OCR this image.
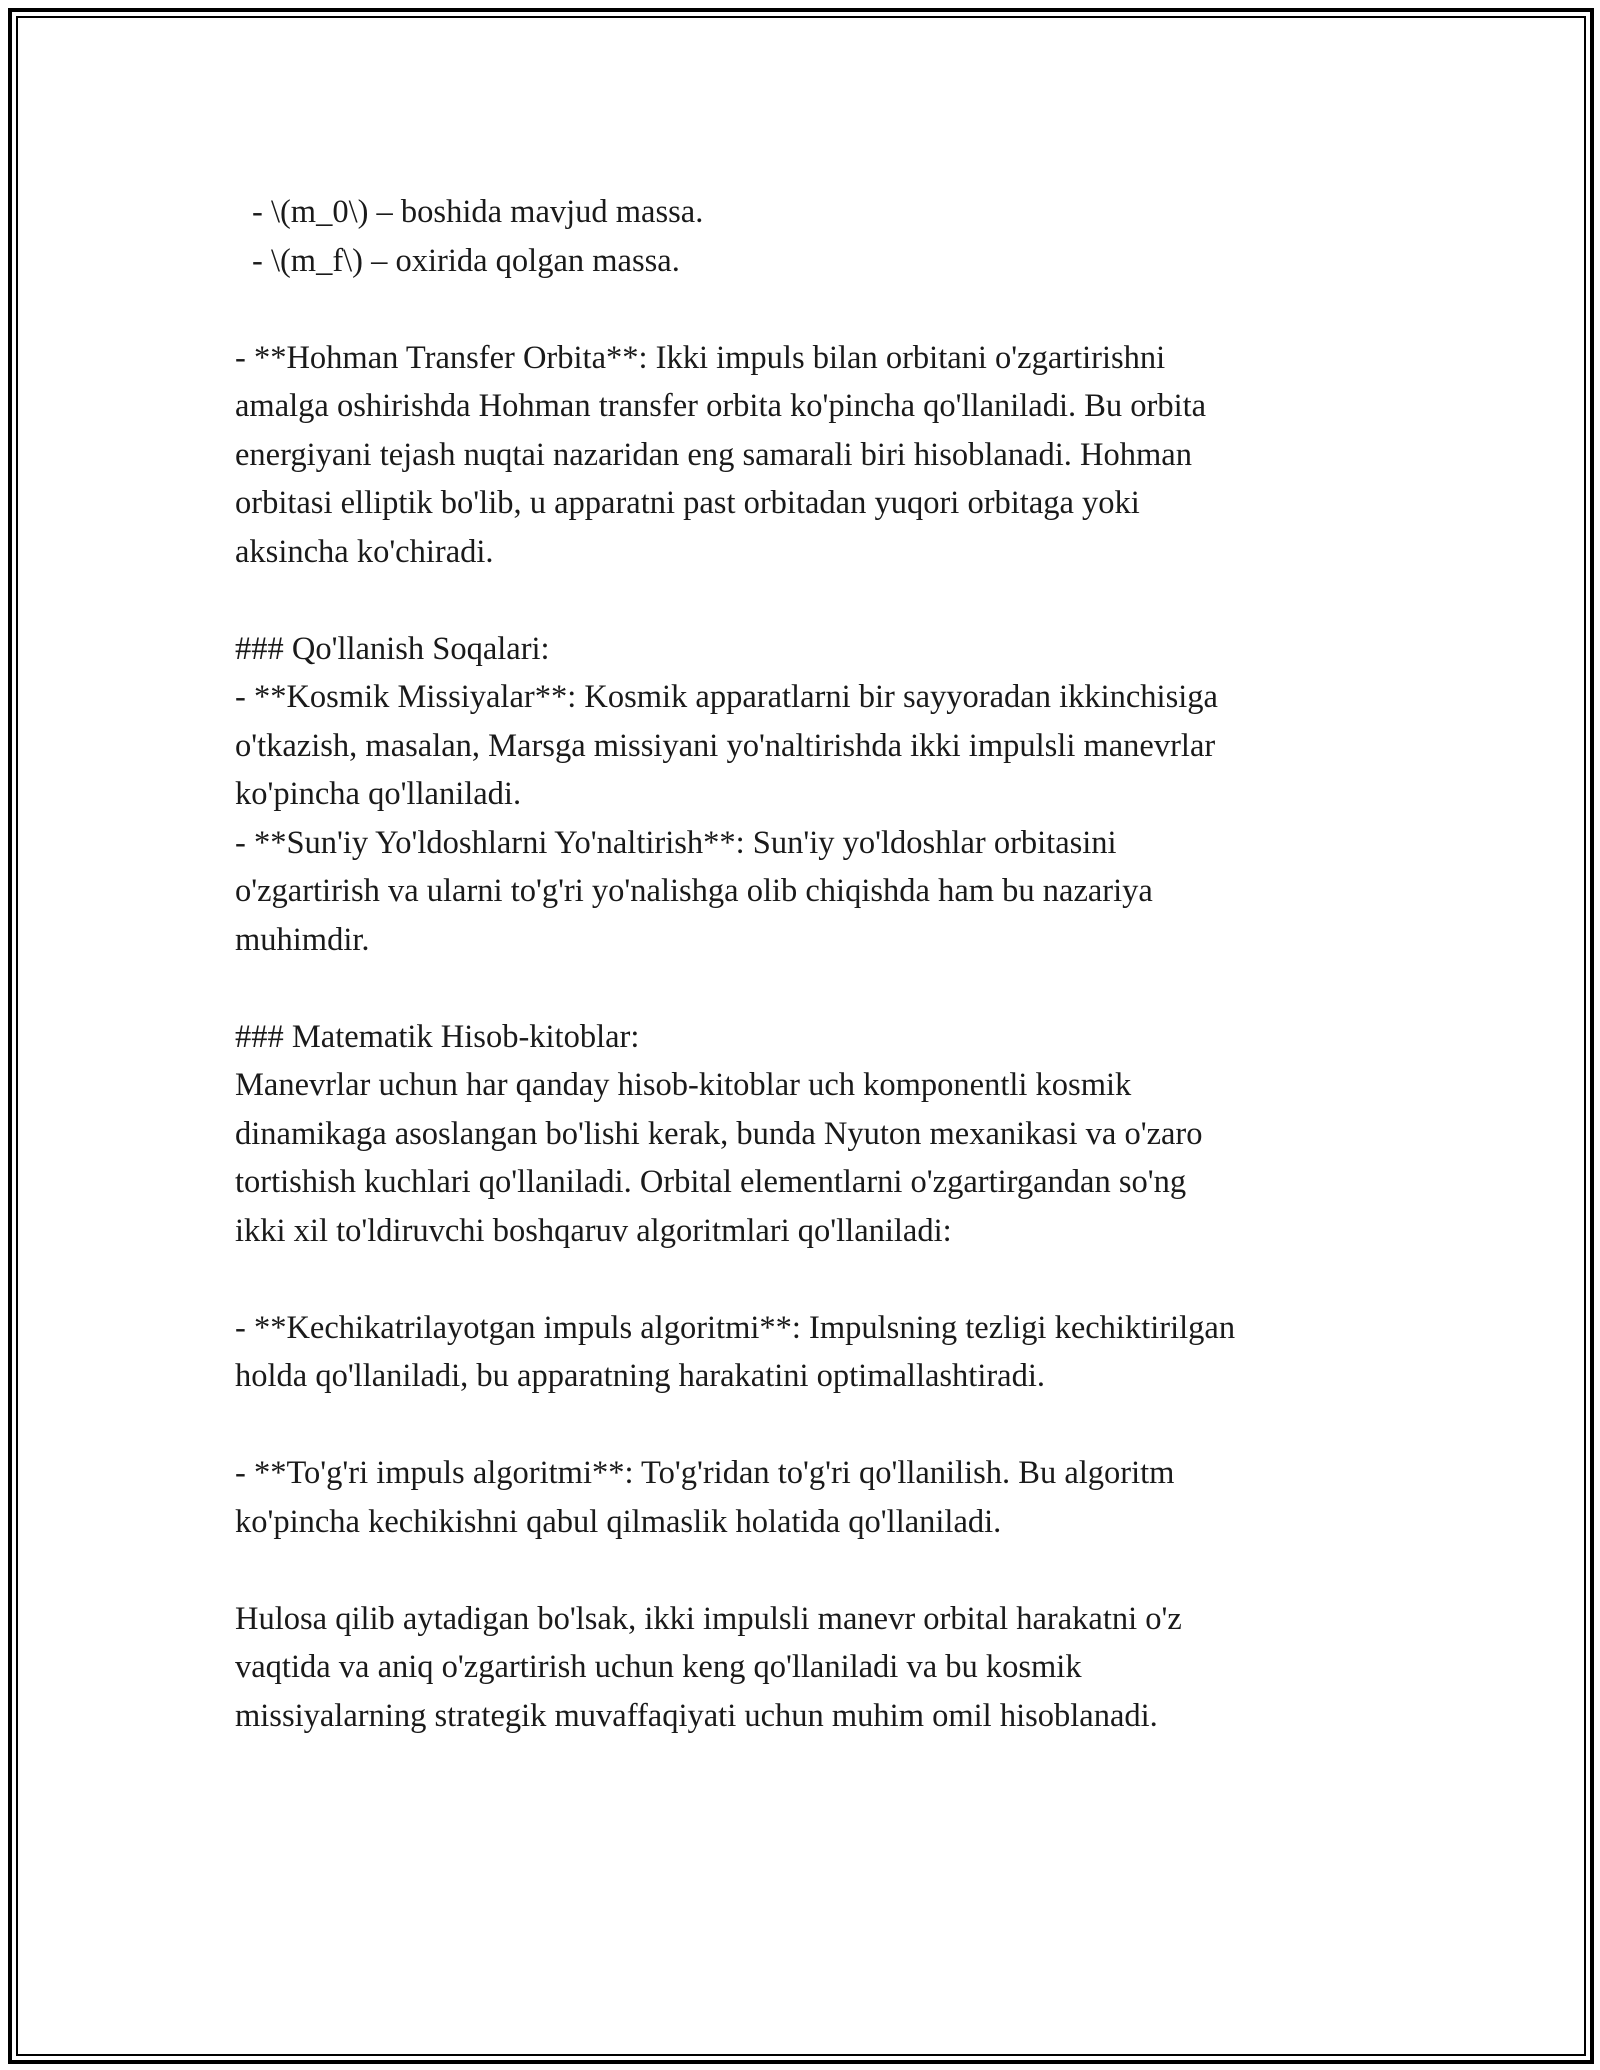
- \(m_0\) – boshida mavjud massa.
- \(m_f\) – oxirida qolgan massa.
- **Hohman Transfer Orbita**: Ikki impuls bilan orbitani o'zgartirishni
amalga oshirishda Hohman transfer orbita ko'pincha qo'llaniladi. Bu orbita
energiyani tejash nuqtai nazaridan eng samarali biri hisoblanadi. Hohman
orbitasi elliptik bo'lib, u apparatni past orbitadan yuqori orbitaga yoki
aksincha ko'chiradi.
### Qo'llanish Soqalari:
- **Kosmik Missiyalar**: Kosmik apparatlarni bir sayyoradan ikkinchisiga
o'tkazish, masalan, Marsga missiyani yo'naltirishda ikki impulsli manevrlar
ko'pincha qo'llaniladi.
- **Sun'iy Yo'ldoshlarni Yo'naltirish**: Sun'iy yo'ldoshlar orbitasini
o'zgartirish va ularni to'g'ri yo'nalishga olib chiqishda ham bu nazariya
muhimdir.
### Matematik Hisob-kitoblar:
Manevrlar uchun har qanday hisob-kitoblar uch komponentli kosmik
dinamikaga asoslangan bo'lishi kerak, bunda Nyuton mexanikasi va o'zaro
tortishish kuchlari qo'llaniladi. Orbital elementlarni o'zgartirgandan so'ng
ikki xil to'ldiruvchi boshqaruv algoritmlari qo'llaniladi:
- **Kechikatrilayotgan impuls algoritmi**: Impulsning tezligi kechiktirilgan
holda qo'llaniladi, bu apparatning harakatini optimallashtiradi.
- **To'g'ri impuls algoritmi**: To'g'ridan to'g'ri qo'llanilish. Bu algoritm
ko'pincha kechikishni qabul qilmaslik holatida qo'llaniladi.
Hulosa qilib aytadigan bo'lsak, ikki impulsli manevr orbital harakatni o'z
vaqtida va aniq o'zgartirish uchun keng qo'llaniladi va bu kosmik
missiyalarning strategik muvaffaqiyati uchun muhim omil hisoblanadi.
